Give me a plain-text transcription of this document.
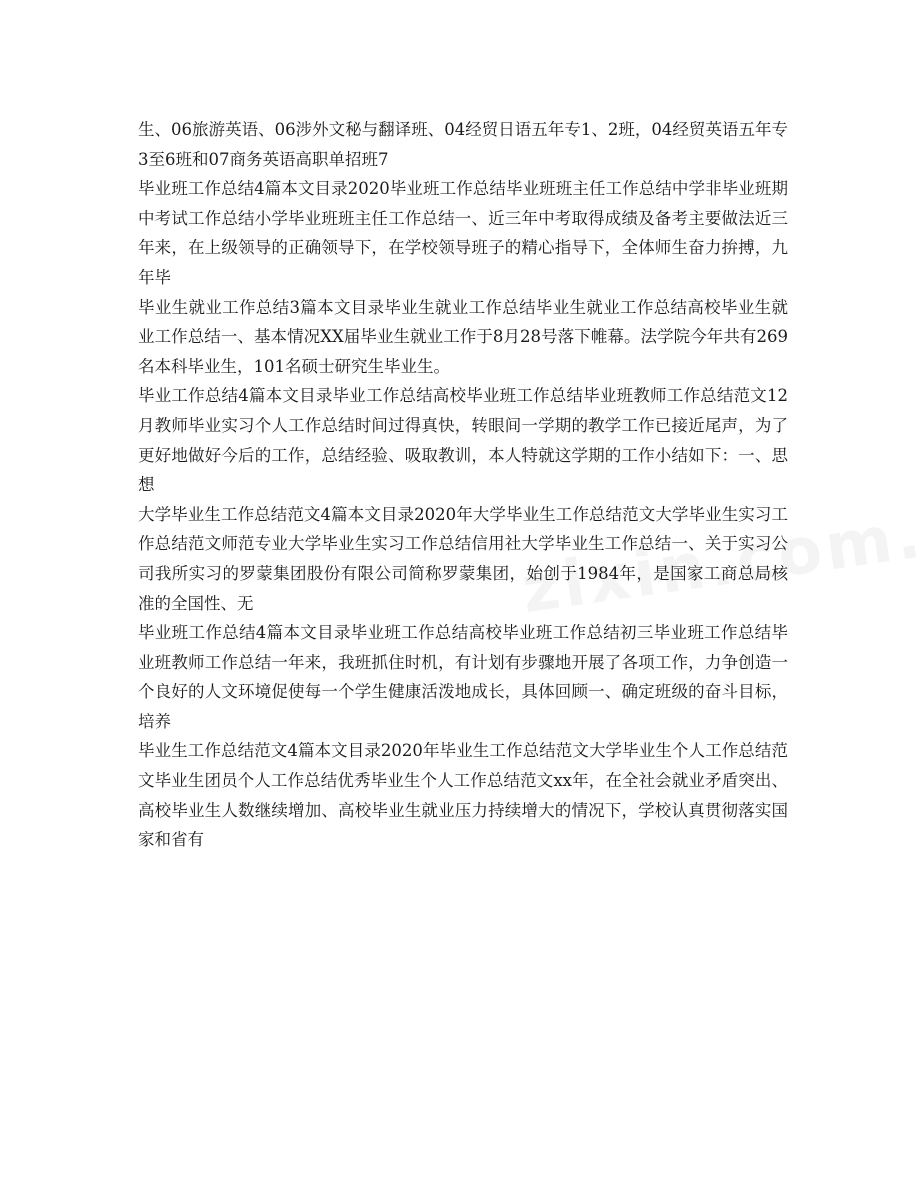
生、06旅游英语、06涉外文秘与翻译班、04经贸日语五年专1、2班，04经贸英语五年专3至6班和07商务英语高职单招班7

毕业班工作总结4篇本文目录2020毕业班工作总结毕业班班主任工作总结中学非毕业班期中考试工作总结小学毕业班班主任工作总结一、近三年中考取得成绩及备考主要做法近三年来，在上级领导的正确领导下，在学校领导班子的精心指导下，全体师生奋力拚搏，九年毕

毕业生就业工作总结3篇本文目录毕业生就业工作总结毕业生就业工作总结高校毕业生就业工作总结一、基本情况XX届毕业生就业工作于8月28号落下帷幕。法学院今年共有269名本科毕业生，101名硕士研究生毕业生。

毕业工作总结4篇本文目录毕业工作总结高校毕业班工作总结毕业班教师工作总结范文12月教师毕业实习个人工作总结时间过得真快，转眼间一学期的教学工作已接近尾声，为了更好地做好今后的工作，总结经验、吸取教训，本人特就这学期的工作小结如下：一、思想

大学毕业生工作总结范文4篇本文目录2020年大学毕业生工作总结范文大学毕业生实习工作总结范文师范专业大学毕业生实习工作总结信用社大学毕业生工作总结一、关于实习公司我所实习的罗蒙集团股份有限公司简称罗蒙集团，始创于1984年，是国家工商总局核准的全国性、无

毕业班工作总结4篇本文目录毕业班工作总结高校毕业班工作总结初三毕业班工作总结毕业班教师工作总结一年来，我班抓住时机，有计划有步骤地开展了各项工作，力争创造一个良好的人文环境促使每一个学生健康活泼地成长，具体回顾一、确定班级的奋斗目标，培养

毕业生工作总结范文4篇本文目录2020年毕业生工作总结范文大学毕业生个人工作总结范文毕业生团员个人工作总结优秀毕业生个人工作总结范文xx年，在全社会就业矛盾突出、高校毕业生人数继续增加、高校毕业生就业压力持续增大的情况下，学校认真贯彻落实国家和省有
